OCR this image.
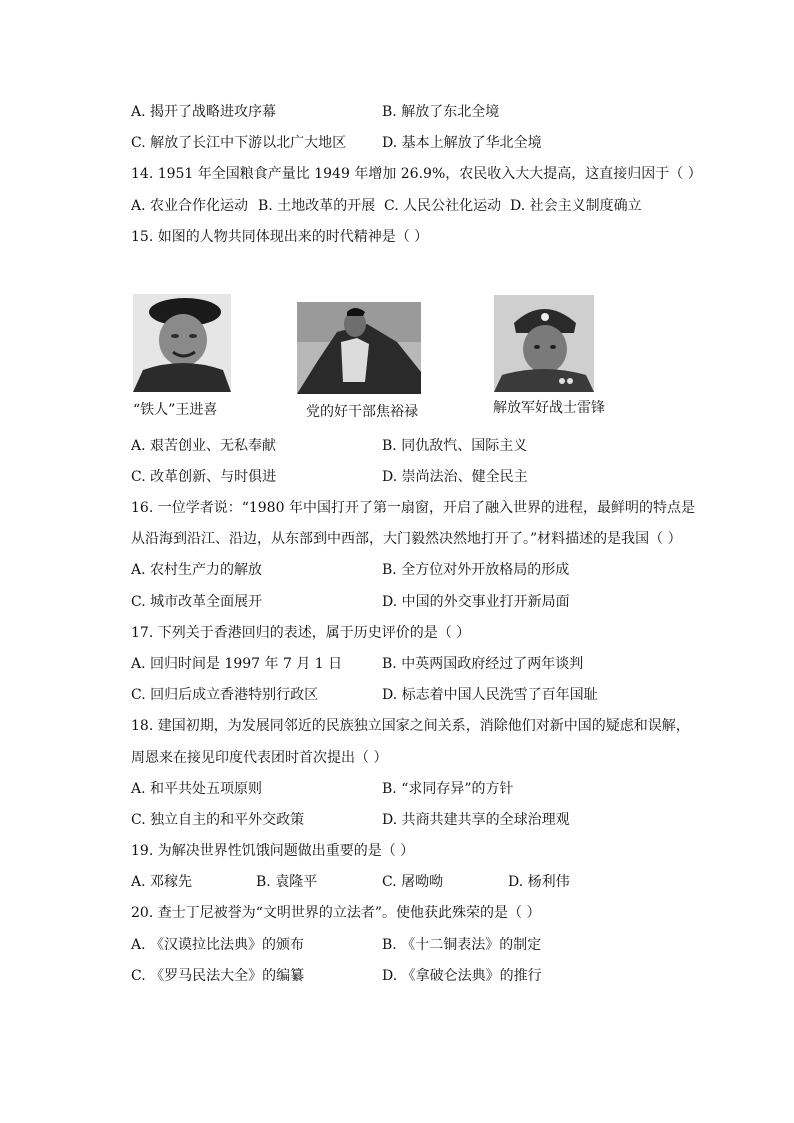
A. 揭开了战略进攻序幕	B. 解放了东北全境
C. 解放了长江中下游以北广大地区	D. 基本上解放了华北全境
14. 1951 年全国粮食产量比 1949 年增加 26.9%，农民收入大大提高，这直接归因于（ ）
A. 农业合作化运动 B. 土地改革的开展 C. 人民公社化运动 D. 社会主义制度确立
15. 如图的人物共同体现出来的时代精神是（ ）
“铁人”王进喜	党的好干部焦裕禄	解放军好战士雷锋
A. 艰苦创业、无私奉献	B. 同仇敌忾、国际主义
C. 改革创新、与时俱进	D. 崇尚法治、健全民主
16. 一位学者说：“1980 年中国打开了第一扇窗，开启了融入世界的进程，最鲜明的特点是
从沿海到沿江、沿边，从东部到中西部，大门毅然决然地打开了。”材料描述的是我国（ ）
A. 农村生产力的解放	B. 全方位对外开放格局的形成
C. 城市改革全面展开	D. 中国的外交事业打开新局面
17. 下列关于香港回归的表述，属于历史评价的是（ ）
A. 回归时间是 1997 年 7 月 1 日	B. 中英两国政府经过了两年谈判
C. 回归后成立香港特别行政区	D. 标志着中国人民洗雪了百年国耻
18. 建国初期，为发展同邻近的民族独立国家之间关系，消除他们对新中国的疑虑和误解，
周恩来在接见印度代表团时首次提出（ ）
A. 和平共处五项原则	B. “求同存异”的方针
C. 独立自主的和平外交政策	D. 共商共建共享的全球治理观
19. 为解决世界性饥饿问题做出重要的是（ ）
A. 邓稼先	B. 袁隆平	C. 屠呦呦	D. 杨利伟
20. 查士丁尼被誉为“文明世界的立法者”。使他获此殊荣的是（ ）
A. 《汉谟拉比法典》的颁布	B. 《十二铜表法》的制定
C. 《罗马民法大全》的编纂	D. 《拿破仑法典》的推行
